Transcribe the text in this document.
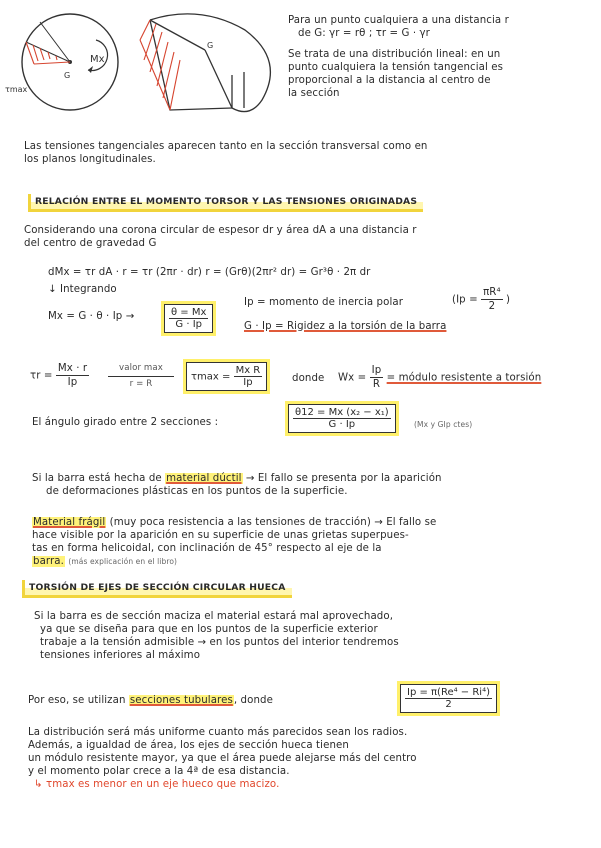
Mx
G
τmax
G
Para un punto cualquiera a una distancia r
de G: γr = rθ ; τr = G · γr
Se trata de una distribución lineal: en un
punto cualquiera la tensión tangencial es
proporcional a la distancia al centro de
la sección
Las tensiones tangenciales aparecen tanto en la sección transversal como en
los planos longitudinales.
RELACIÓN ENTRE EL MOMENTO TORSOR Y LAS TENSIONES ORIGINADAS
Considerando una corona circular de espesor dr y área dA a una distancia r
del centro de gravedad G
dMx = τr dA · r = τr (2πr · dr) r = (Grθ)(2πr² dr) = Gr³θ · 2π dr
↓ Integrando
Mx = G · θ · Ip →	$\frac{\theta = Mx}{G \cdot Ip}$
Ip = momento de inercia polar	($Ip = \frac{\text{πR⁴}}{2}$ )
G · Ip = Rigidez a la torsión de la barra
$\tau r = \frac{Mx \cdot r}{Ip}$	valor max
r = R
$\tau\max = \frac{\text{Mx R}}{Ip}$	donde $Wx = \frac{Ip}{R}$ = módulo resistente a torsión
El ángulo girado entre 2 secciones :	$\frac{\text{θ12 = Mx (x₂ − x₁)}}{G \cdot Ip}$	(Mx y GIp ctes)
Si la barra está hecha de material dúctil → El fallo se presenta por la aparición
de deformaciones plásticas en los puntos de la superficie.
Material frágil (muy poca resistencia a las tensiones de tracción) → El fallo se
hace visible por la aparición en su superficie de unas grietas superpues-
tas en forma helicoidal, con inclinación de 45° respecto al eje de la
barra. (más explicación en el libro)
TORSIÓN DE EJES DE SECCIÓN CIRCULAR HUECA
Si la barra es de sección maciza el material estará mal aprovechado,
ya que se diseña para que en los puntos de la superficie exterior
trabaje a la tensión admisible → en los puntos del interior tendremos
tensiones inferiores al máximo
Por eso, se utilizan secciones tubulares, donde	$\frac{\text{Ip = π(Re⁴ − Ri⁴)}}{2}$
La distribución será más uniforme cuanto más parecidos sean los radios.
Además, a igualdad de área, los ejes de sección hueca tienen
un módulo resistente mayor, ya que el área puede alejarse más del centro
y el momento polar crece a la 4ª de esa distancia.
↳ τmax es menor en un eje hueco que macizo.
